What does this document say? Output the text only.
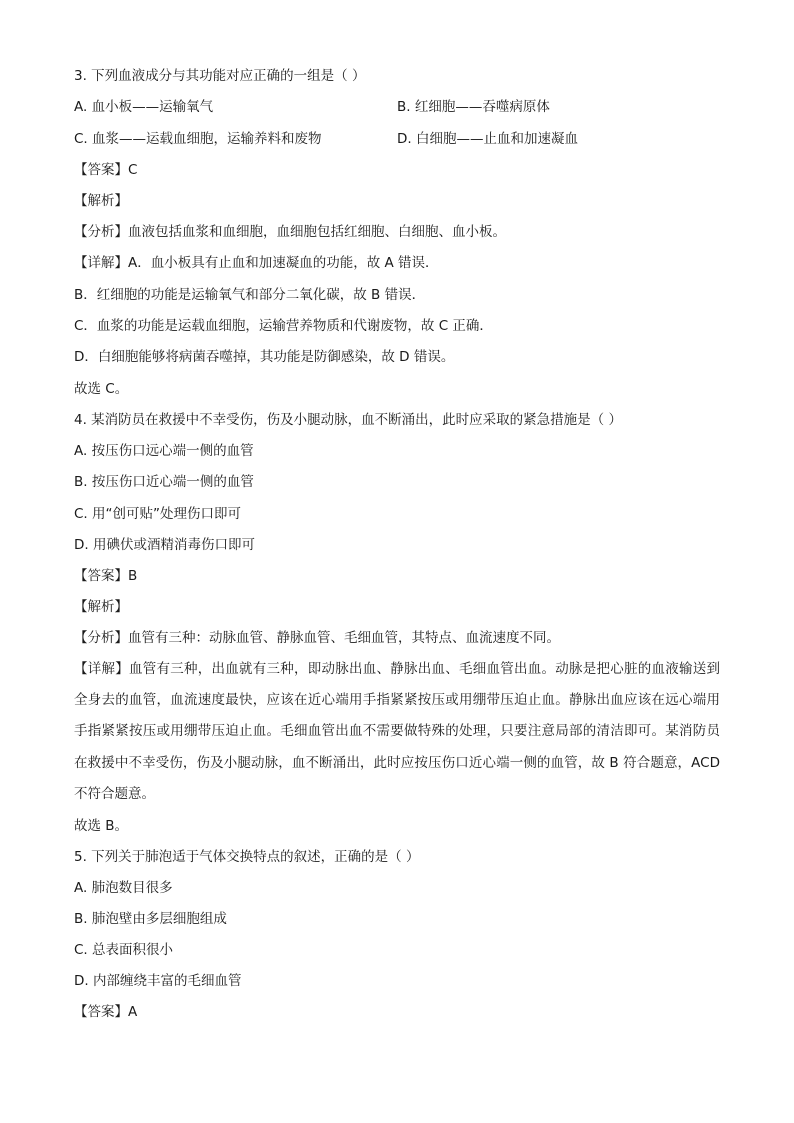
3. 下列血液成分与其功能对应正确的一组是（ ）
A. 血小板——运输氧气	B. 红细胞——吞噬病原体
C. 血浆——运载血细胞，运输养料和废物	D. 白细胞——止血和加速凝血
【答案】C
【解析】
【分析】血液包括血浆和血细胞，血细胞包括红细胞、白细胞、血小板。
【详解】A．血小板具有止血和加速凝血的功能，故 A 错误．
B．红细胞的功能是运输氧气和部分二氧化碳，故 B 错误．
C．血浆的功能是运载血细胞，运输营养物质和代谢废物，故 C 正确．
D．白细胞能够将病菌吞噬掉，其功能是防御感染，故 D 错误。
故选 C。
4. 某消防员在救援中不幸受伤，伤及小腿动脉，血不断涌出，此时应采取的紧急措施是（ ）
A. 按压伤口远心端一侧的血管
B. 按压伤口近心端一侧的血管
C. 用“创可贴”处理伤口即可
D. 用碘伏或酒精消毒伤口即可
【答案】B
【解析】
【分析】血管有三种：动脉血管、静脉血管、毛细血管，其特点、血流速度不同。
【详解】血管有三种，出血就有三种，即动脉出血、静脉出血、毛细血管出血。动脉是把心脏的血液输送到全身去的血管，血流速度最快，应该在近心端用手指紧紧按压或用绷带压迫止血。静脉出血应该在远心端用手指紧紧按压或用绷带压迫止血。毛细血管出血不需要做特殊的处理，只要注意局部的清洁即可。某消防员在救援中不幸受伤，伤及小腿动脉，血不断涌出，此时应按压伤口近心端一侧的血管，故 B 符合题意，ACD 不符合题意。
故选 B。
5. 下列关于肺泡适于气体交换特点的叙述，正确的是（ ）
A. 肺泡数目很多
B. 肺泡壁由多层细胞组成
C. 总表面积很小
D. 内部缠绕丰富的毛细血管
【答案】A
